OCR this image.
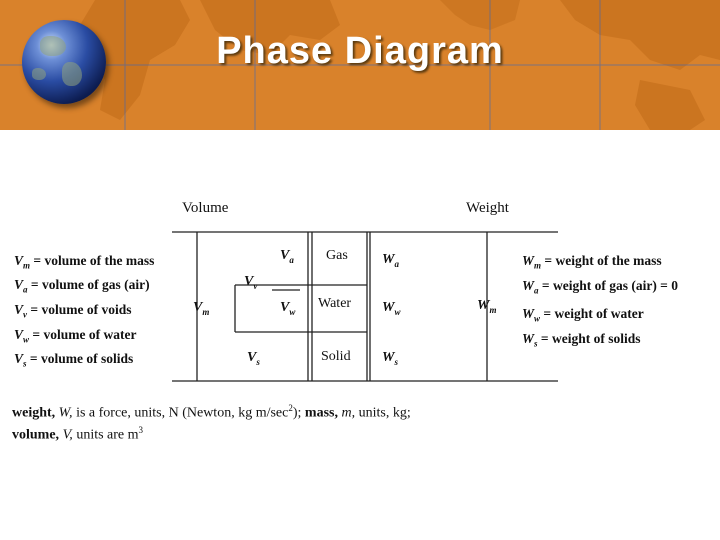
Phase Diagram
Volume	Weight
Gas
Water
Solid
$V_a$
$V_v$
$V_m$	$V_w$
$V_s$
$W_a$
$W_w$
$W_s$
$W_m$
$V_m$ = volume of the mass
$V_a$ = volume of gas (air)
$V_v$ = volume of voids
$V_w$ = volume of water
$V_s$ = volume of solids
$W_m$ = weight of the mass
$W_a$ = weight of gas (air) = 0
$W_w$ = weight of water
$W_s$ = weight of solids
weight, W, is a force, units, N (Newton, kg $m/\sec^2$); mass, m, units, kg;
volume, V, units are $m^3$
